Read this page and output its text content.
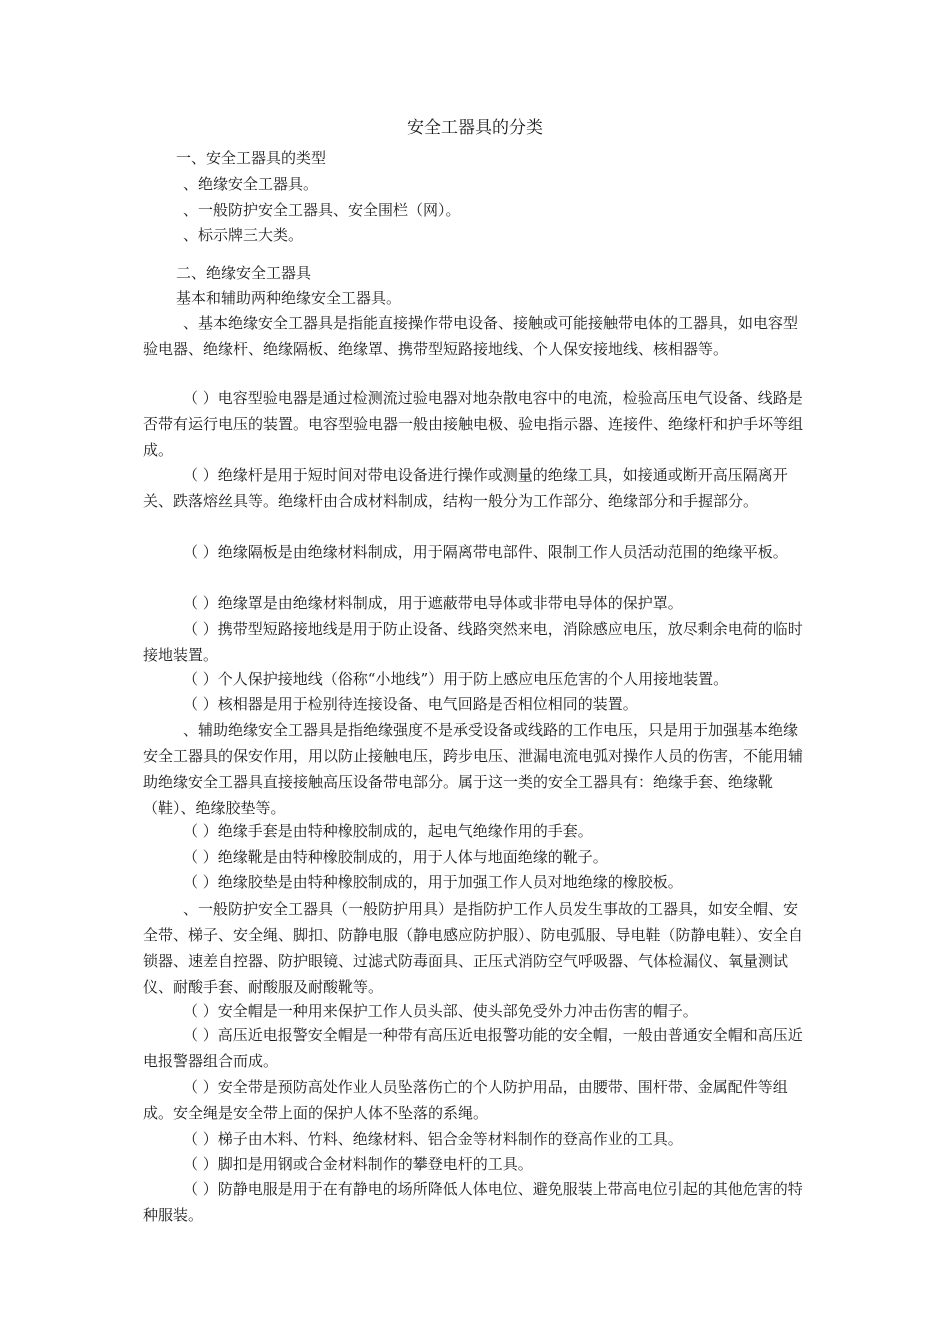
安全工器具的分类

一、安全工器具的类型

、绝缘安全工器具。

、一般防护安全工器具、安全围栏（网）。

、标示牌三大类。

二、绝缘安全工器具

基本和辅助两种绝缘安全工器具。

、基本绝缘安全工器具是指能直接操作带电设备、接触或可能接触带电体的工器具，如电容型验电器、绝缘杆、绝缘隔板、绝缘罩、携带型短路接地线、个人保安接地线、核相器等。

（ ）电容型验电器是通过检测流过验电器对地杂散电容中的电流，检验高压电气设备、线路是否带有运行电压的装置。电容型验电器一般由接触电极、验电指示器、连接件、绝缘杆和护手坏等组成。

（ ）绝缘杆是用于短时间对带电设备进行操作或测量的绝缘工具，如接通或断开高压隔离开关、跌落熔丝具等。绝缘杆由合成材料制成，结构一般分为工作部分、绝缘部分和手握部分。

（ ）绝缘隔板是由绝缘材料制成，用于隔离带电部件、限制工作人员活动范围的绝缘平板。

（ ）绝缘罩是由绝缘材料制成，用于遮蔽带电导体或非带电导体的保护罩。

（ ）携带型短路接地线是用于防止设备、线路突然来电，消除感应电压，放尽剩余电荷的临时接地装置。

（ ）个人保护接地线（俗称“小地线”）用于防上感应电压危害的个人用接地装置。

（ ）核相器是用于检别待连接设备、电气回路是否相位相同的装置。

、辅助绝缘安全工器具是指绝缘强度不是承受设备或线路的工作电压，只是用于加强基本绝缘安全工器具的保安作用，用以防止接触电压，跨步电压、泄漏电流电弧对操作人员的伤害，不能用辅助绝缘安全工器具直接接触高压设备带电部分。属于这一类的安全工器具有：绝缘手套、绝缘靴（鞋）、绝缘胶垫等。

（ ）绝缘手套是由特种橡胶制成的，起电气绝缘作用的手套。

（ ）绝缘靴是由特种橡胶制成的，用于人体与地面绝缘的靴子。

（ ）绝缘胶垫是由特种橡胶制成的，用于加强工作人员对地绝缘的橡胶板。

、一般防护安全工器具（一般防护用具）是指防护工作人员发生事故的工器具，如安全帽、安全带、梯子、安全绳、脚扣、防静电服（静电感应防护服）、防电弧服、导电鞋（防静电鞋）、安全自锁器、速差自控器、防护眼镜、过滤式防毒面具、正压式消防空气呼吸器、气体检漏仪、氧量测试仪、耐酸手套、耐酸服及耐酸靴等。

（ ）安全帽是一种用来保护工作人员头部、使头部免受外力冲击伤害的帽子。

（ ）高压近电报警安全帽是一种带有高压近电报警功能的安全帽，一般由普通安全帽和高压近电报警器组合而成。

（ ）安全带是预防高处作业人员坠落伤亡的个人防护用品，由腰带、围杆带、金属配件等组成。安全绳是安全带上面的保护人体不坠落的系绳。

（ ）梯子由木料、竹料、绝缘材料、铝合金等材料制作的登高作业的工具。

（ ）脚扣是用钢或合金材料制作的攀登电杆的工具。

（ ）防静电服是用于在有静电的场所降低人体电位、避免服装上带高电位引起的其他危害的特种服装。
